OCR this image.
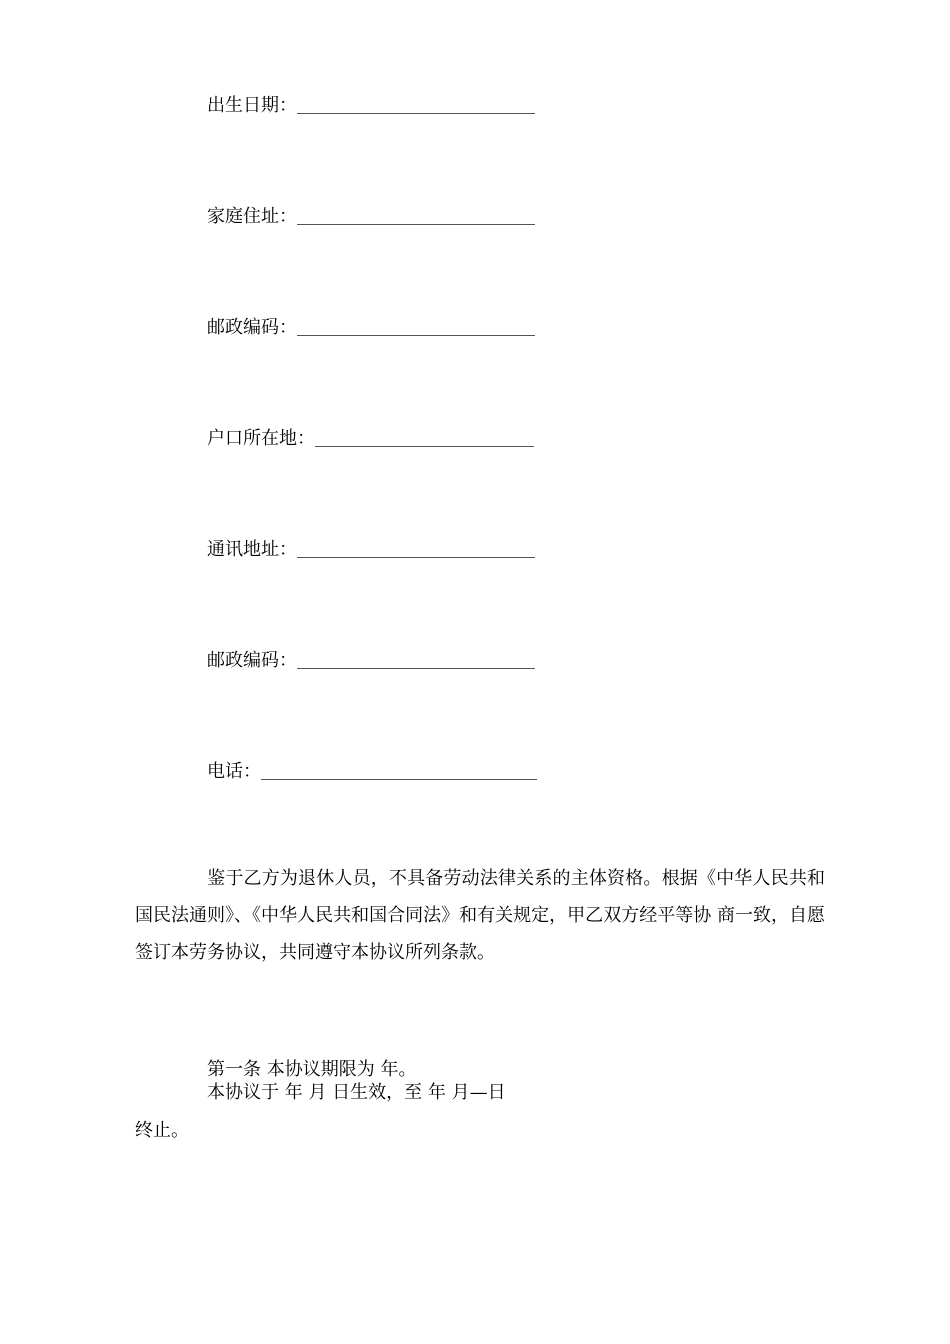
出生日期：
家庭住址：
邮政编码：
户口所在地：
通讯地址：
邮政编码：
电话：
鉴于乙方为退休人员，不具备劳动法律关系的主体资格。根据《中华人民共和国民法通则》、《中华人民共和国合同法》和有关规定，甲乙双方经平等协 商一致，自愿签订本劳务协议，共同遵守本协议所列条款。
第一条 本协议期限为 年。
本协议于 年 月 日生效，至 年 月—日
终止。
